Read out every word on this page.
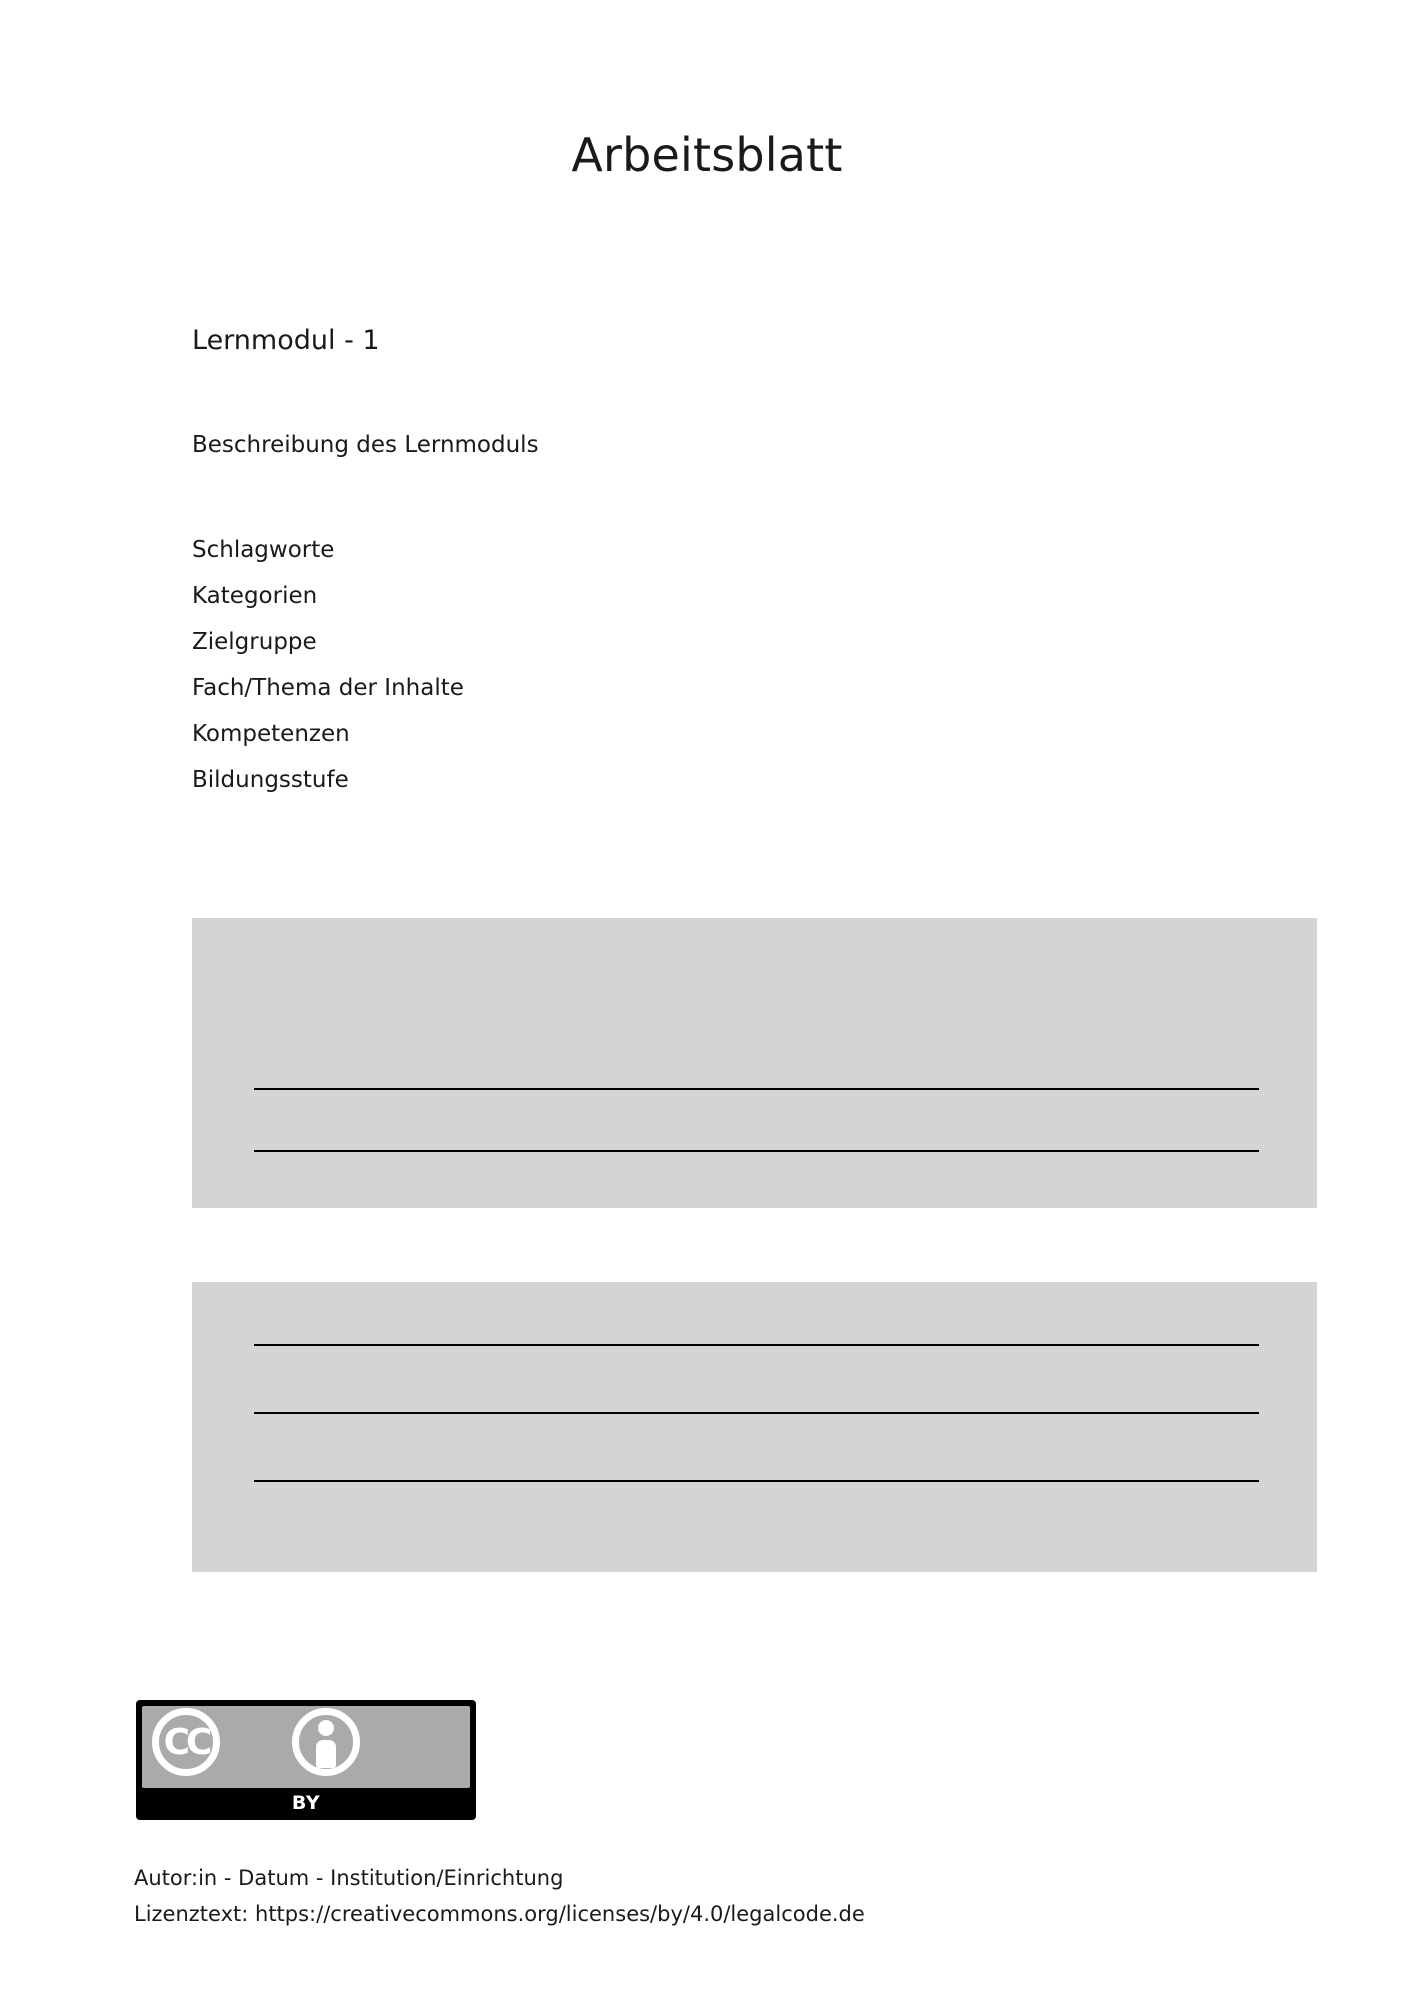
Arbeitsblatt
Lernmodul - 1
Beschreibung des Lernmoduls
Schlagworte
Kategorien
Zielgruppe
Fach/Thema der Inhalte
Kompetenzen
Bildungsstufe
CC
BY
Autor:in - Datum - Institution/Einrichtung
Lizenztext: https://creativecommons.org/licenses/by/4.0/legalcode.de
